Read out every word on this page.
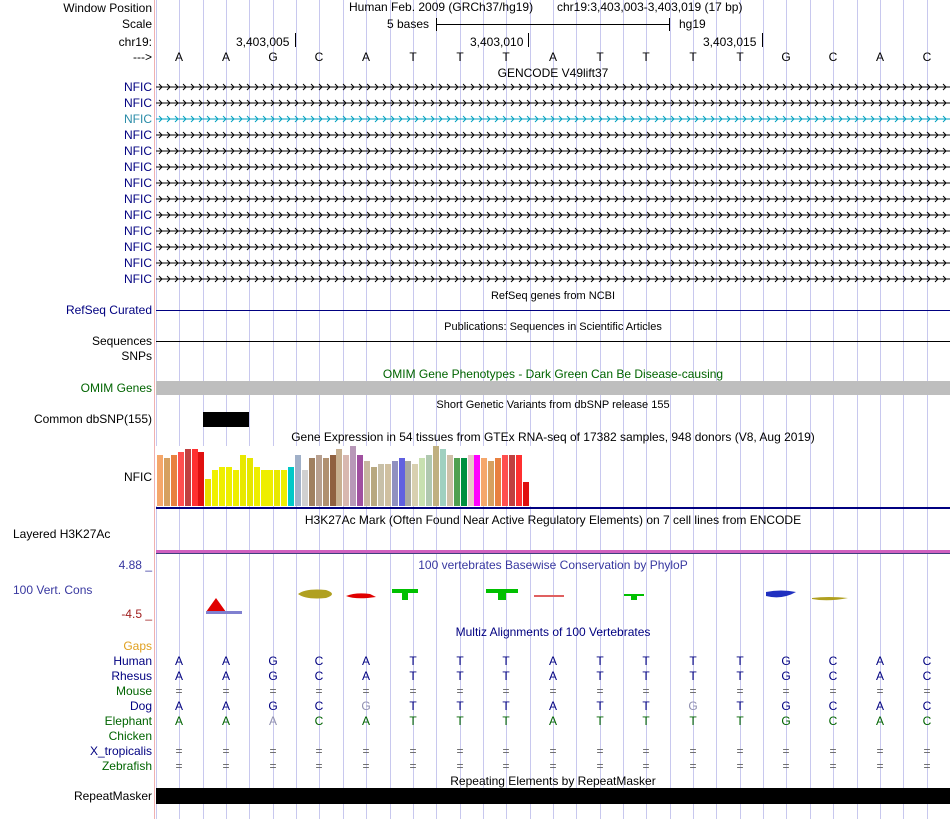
Window Position	Human Feb. 2009 (GRCh37/hg19) chr19:3,403,003-3,403,019 (17 bp)
Scale	5 bases	hg19
chr19:	3,403,005	3,403,010	3,403,015
---> A	A	G	C	A	T	T	T	A	T	T	T	T	G	C	A	C
GENCODE V49lift37
NFIC
NFIC
NFIC
NFIC
NFIC
NFIC
NFIC
NFIC
NFIC
NFIC
NFIC
NFIC
NFIC
RefSeq genes from NCBI
RefSeq Curated
Publications: Sequences in Scientific Articles
Sequences
SNPs
OMIM Gene Phenotypes - Dark Green Can Be Disease-causing
OMIM Genes
Short Genetic Variants from dbSNP release 155
Common dbSNP(155)
Gene Expression in 54 tissues from GTEx RNA-seq of 17382 samples, 948 donors (V8, Aug 2019)
NFIC
H3K27Ac Mark (Often Found Near Active Regulatory Elements) on 7 cell lines from ENCODE
Layered H3K27Ac
100 vertebrates Basewise Conservation by PhyloP
4.88 _
100 Vert. Cons
-4.5 _
Multiz Alignments of 100 Vertebrates
Gaps
Human A	A	G	C	A	T	T	T	A	T	T	T	T	G	C	A	C
Rhesus A	A	G	C	A	T	T	T	A	T	T	T	T	G	C	A	C
Mouse =	=	=	=	=	=	=	=	=	=	=	=	=	=	=	=	=
Dog A	A	G	C	G	T	T	T	A	T	T	G	T	G	C	A	C
Elephant A	A	A	C	A	T	T	T	A	T	T	T	T	G	C	A	C
Chicken
X_tropicalis =	=	=	=	=	=	=	=	=	=	=	=	=	=	=	=	=
Zebrafish =	=	=	=	=	=	=	=	=	=	=	=	=	=	=	=	=
Repeating Elements by RepeatMasker
RepeatMasker
